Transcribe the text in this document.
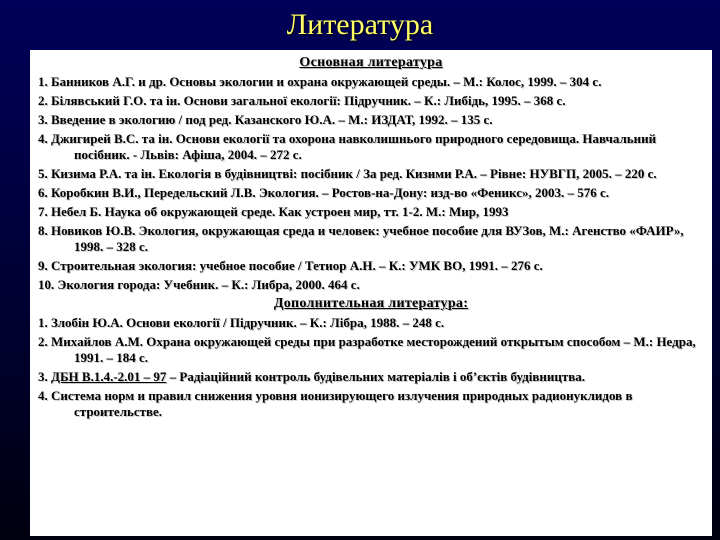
Литература
Основная литература
1. Банников А.Г. и др. Основы экологии и охрана окружающей среды. – М.: Колос, 1999. – 304 с.
2. Білявський Г.О. та ін. Основи загальної екології: Підручник. – К.: Либідь, 1995. – 368 с.
3. Введение в экологию / под ред. Казанского Ю.А. – М.: ИЗДАТ, 1992. – 135 с.
4. Джигирей В.С. та ін. Основи екології та охорона навколишнього природного середовища. Навчальний посібник. - Львів: Афіша, 2004. – 272 с.
5. Кизима Р.А. та ін. Екологія в будівництві: посібник / За ред. Кизими Р.А. – Рівне: НУВГП, 2005. – 220 с.
6. Коробкин В.И., Передельский Л.В. Экология. – Ростов-на-Дону: изд-во «Феникс», 2003. – 576 с.
7. Небел Б. Наука об окружающей среде. Как устроен мир, тт. 1-2. М.: Мир, 1993
8. Новиков Ю.В. Экология, окружающая среда и человек: учебное пособие для ВУЗов, М.: Агенство «ФАИР», 1998. – 328 с.
9. Строительная экология: учебное пособие / Тетиор А.Н. – К.: УМК ВО, 1991. – 276 с.
10. Экология города: Учебник. – К.: Либра, 2000. 464 с.
Дополнительная литература:
1. Злобін Ю.А. Основи екології / Підручник. – К.: Лібра, 1988. – 248 с.
2. Михайлов А.М. Охрана окружающей среды при разработке месторождений открытым способом – М.: Недра, 1991. – 184 с.
3. ДБН В.1.4.-2.01 – 97 – Радіаційний контроль будівельних матеріалів і об’єктів будівництва.
4. Система норм и правил снижения уровня ионизирующего излучения природных радионуклидов в строительстве.
